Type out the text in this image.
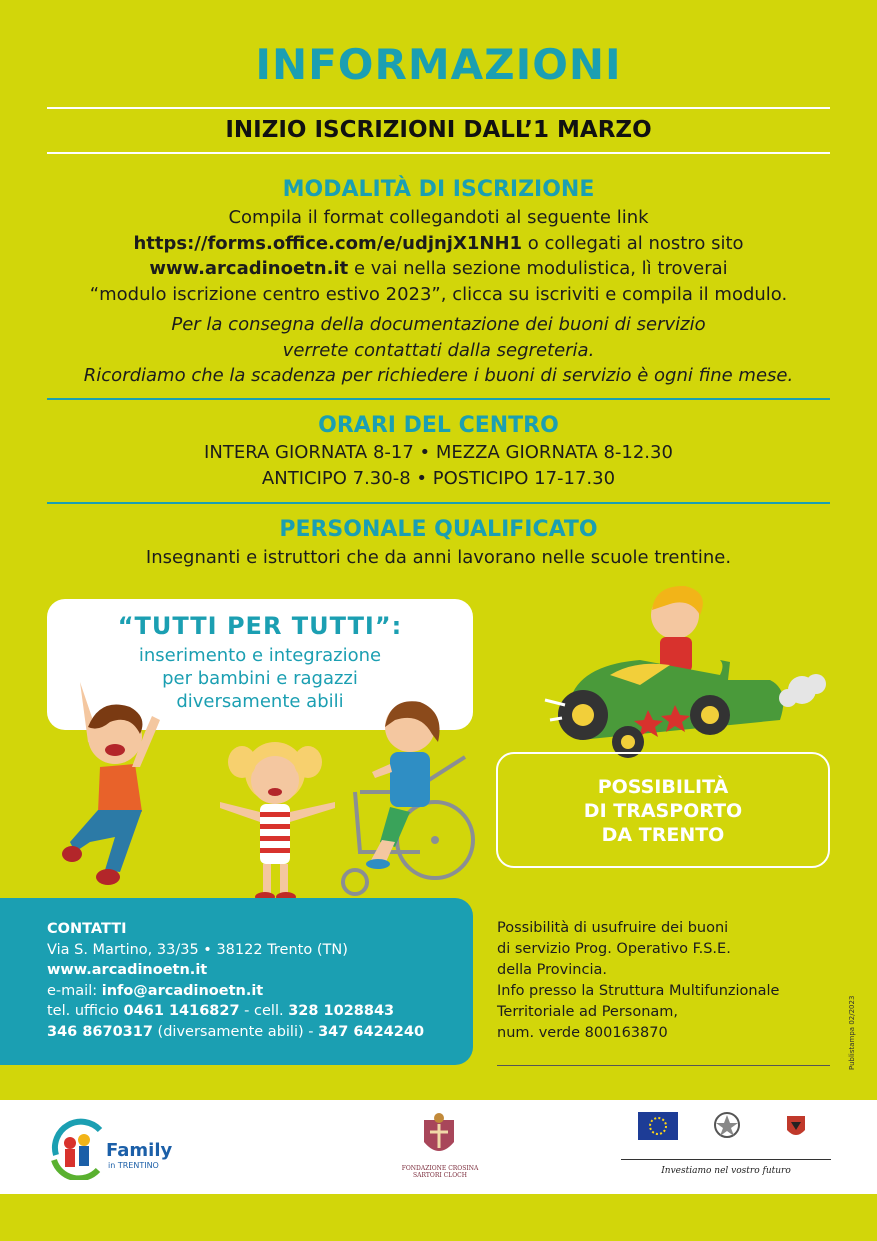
INFORMAZIONI
INIZIO ISCRIZIONI DALL’1 MARZO
MODALITÀ DI ISCRIZIONE
Compila il format collegandoti al seguente link
https://forms.office.com/e/udjnjX1NH1 o collegati al nostro sito
www.arcadinoetn.it e vai nella sezione modulistica, lì troverai
“modulo iscrizione centro estivo 2023”, clicca su iscriviti e compila il modulo.
Per la consegna della documentazione dei buoni di servizio
verrete contattati dalla segreteria.
Ricordiamo che la scadenza per richiedere i buoni di servizio è ogni fine mese.
ORARI DEL CENTRO
INTERA GIORNATA 8-17 • MEZZA GIORNATA 8-12.30
ANTICIPO 7.30-8 • POSTICIPO 17-17.30
PERSONALE QUALIFICATO
Insegnanti e istruttori che da anni lavorano nelle scuole trentine.
“TUTTI PER TUTTI”:
inserimento e integrazione
per bambini e ragazzi
diversamente abili
POSSIBILITÀ
DI TRASPORTO
DA TRENTO
CONTATTI
Via S. Martino, 33/35 • 38122 Trento (TN)
www.arcadinoetn.it
e-mail: info@arcadinoetn.it
tel. ufficio 0461 1416827 - cell. 328 1028843
346 8670317 (diversamente abili) - 347 6424240
Possibilità di usufruire dei buoni
di servizio Prog. Operativo F.S.E.
della Provincia.
Info presso la Struttura Multifunzionale
Territoriale ad Personam,
num. verde 800163870	Publistampa 02/2023
Family
in TRENTINO	FONDAZIONE CROSINA SARTORI CLOCH	Investiamo nel vostro futuro
